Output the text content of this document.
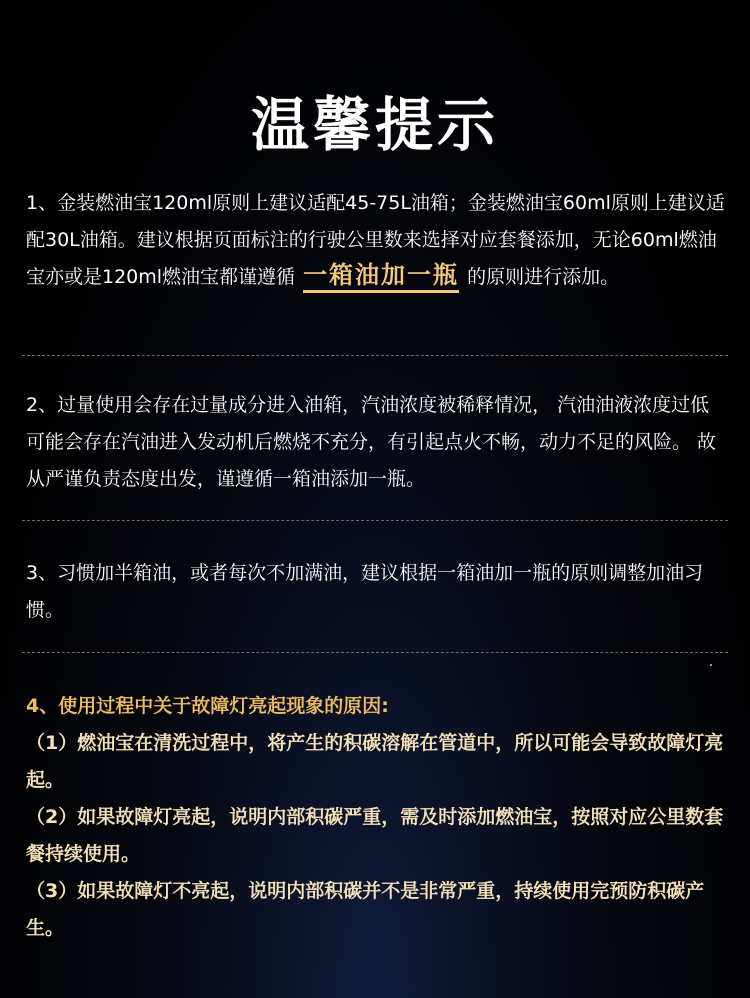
温馨提示
1、金装燃油宝120ml原则上建议适配45-75L油箱；金装燃油宝60ml原则上建议适配30L油箱。建议根据页面标注的行驶公里数来选择对应套餐添加，无论60ml燃油宝亦或是120ml燃油宝都谨遵循 一箱油加一瓶 的原则进行添加。
2、过量使用会存在过量成分进入油箱，汽油浓度被稀释情况， 汽油油液浓度过低可能会存在汽油进入发动机后燃烧不充分，有引起点火不畅，动力不足的风险。 故从严谨负责态度出发，谨遵循一箱油添加一瓶。
3、习惯加半箱油，或者每次不加满油，建议根据一箱油加一瓶的原则调整加油习惯。
4、使用过程中关于故障灯亮起现象的原因:
（1）燃油宝在清洗过程中，将产生的积碳溶解在管道中，所以可能会导致故障灯亮起。
（2）如果故障灯亮起，说明内部积碳严重，需及时添加燃油宝，按照对应公里数套餐持续使用。
（3）如果故障灯不亮起，说明内部积碳并不是非常严重，持续使用完预防积碳产生。
